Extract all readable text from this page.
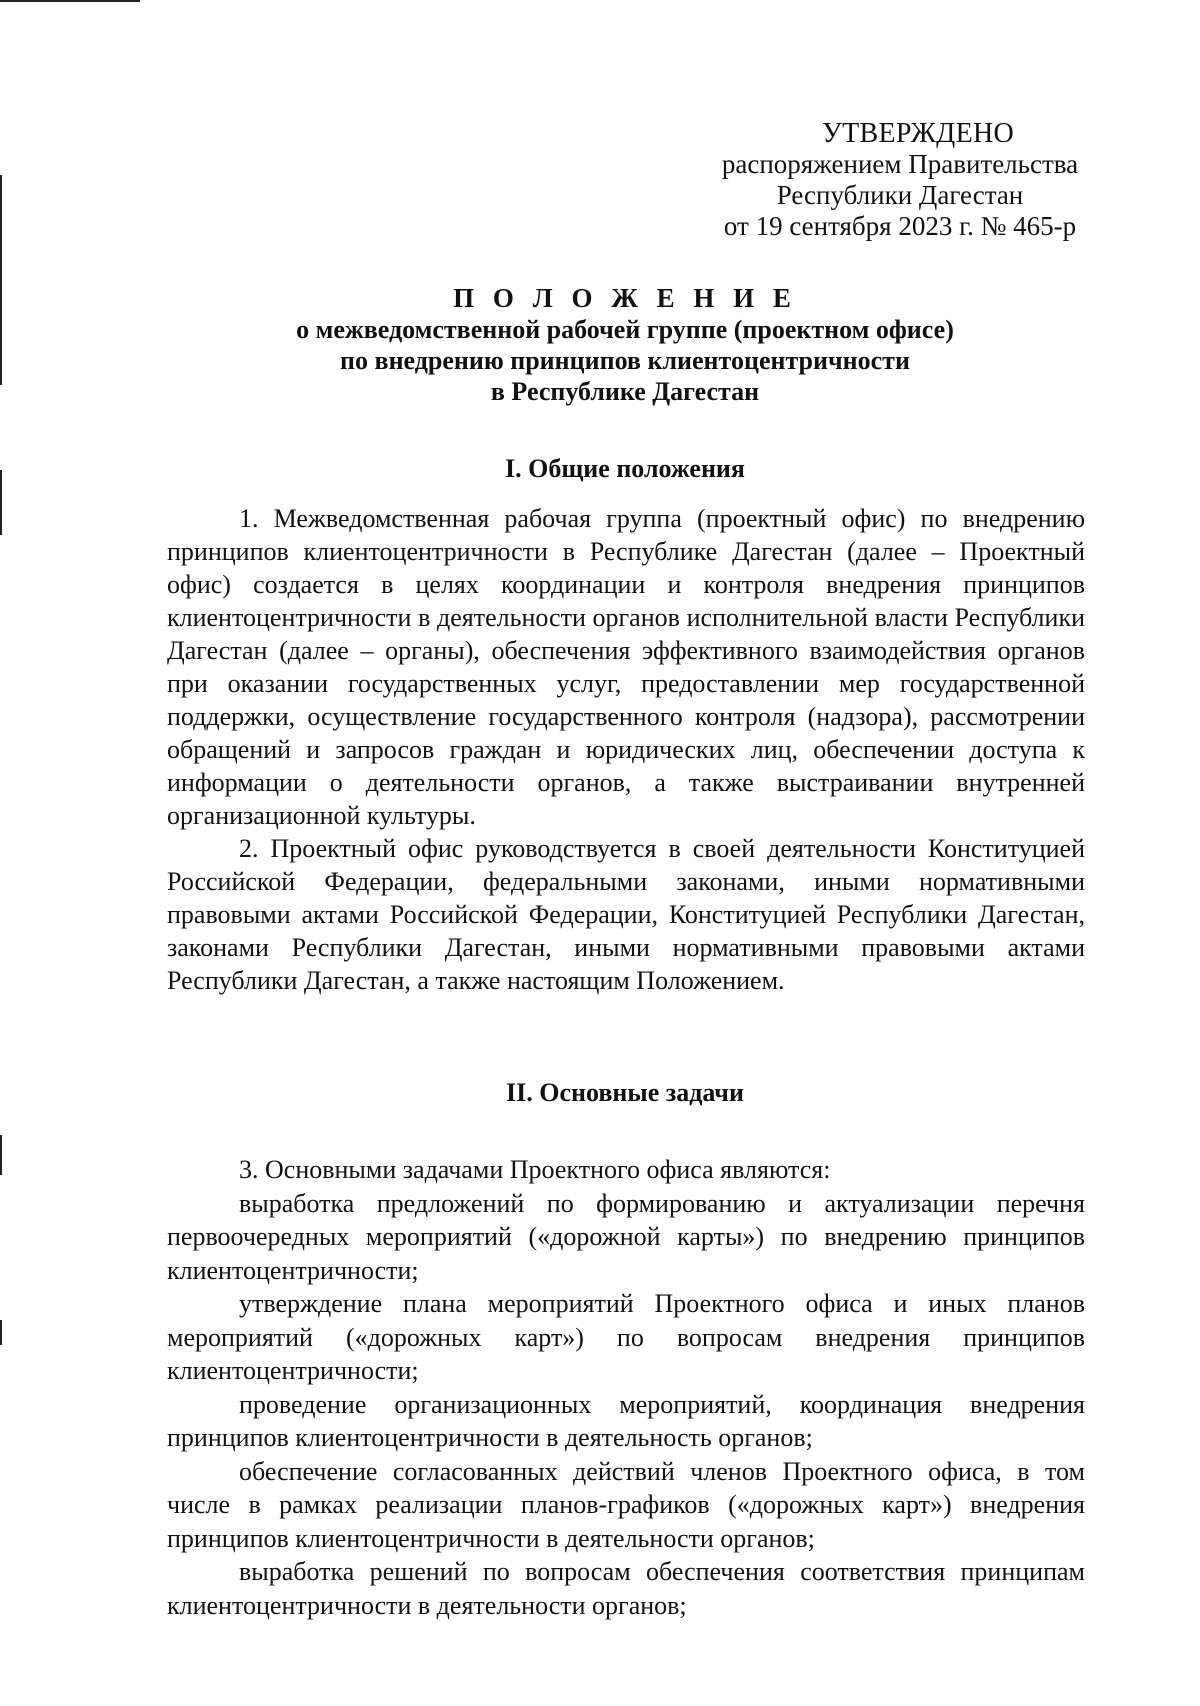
УТВЕРЖДЕНО
распоряжением Правительства
Республики Дагестан
от 19 сентября 2023 г. № 465-р
П О Л О Ж Е Н И Е
о межведомственной рабочей группе (проектном офисе)
по внедрению принципов клиентоцентричности
в Республике Дагестан
I. Общие положения

1. Межведомственная рабочая группа (проектный офис) по внедрению принципов клиентоцентричности в Республике Дагестан (далее – Проектный офис) создается в целях координации и контроля внедрения принципов клиентоцентричности в деятельности органов исполнительной власти Республики Дагестан (далее – органы), обеспечения эффективного взаимодействия органов при оказании государственных услуг, предоставлении мер государственной поддержки, осуществление государственного контроля (надзора), рассмотрении обращений и запросов граждан и юридических лиц, обеспечении доступа к информации о деятельности органов, а также выстраивании внутренней организационной культуры.

2. Проектный офис руководствуется в своей деятельности Конституцией Российской Федерации, федеральными законами, иными нормативными правовыми актами Российской Федерации, Конституцией Республики Дагестан, законами Республики Дагестан, иными нормативными правовыми актами Республики Дагестан, а также настоящим Положением.

II. Основные задачи

3. Основными задачами Проектного офиса являются:

выработка предложений по формированию и актуализации перечня первоочередных мероприятий («дорожной карты») по внедрению принципов клиентоцентричности;

утверждение плана мероприятий Проектного офиса и иных планов мероприятий («дорожных карт») по вопросам внедрения принципов клиентоцентричности;

проведение организационных мероприятий, координация внедрения принципов клиентоцентричности в деятельность органов;

обеспечение согласованных действий членов Проектного офиса, в том числе в рамках реализации планов-графиков («дорожных карт») внедрения принципов клиентоцентричности в деятельности органов;

выработка решений по вопросам обеспечения соответствия принципам клиентоцентричности в деятельности органов;
